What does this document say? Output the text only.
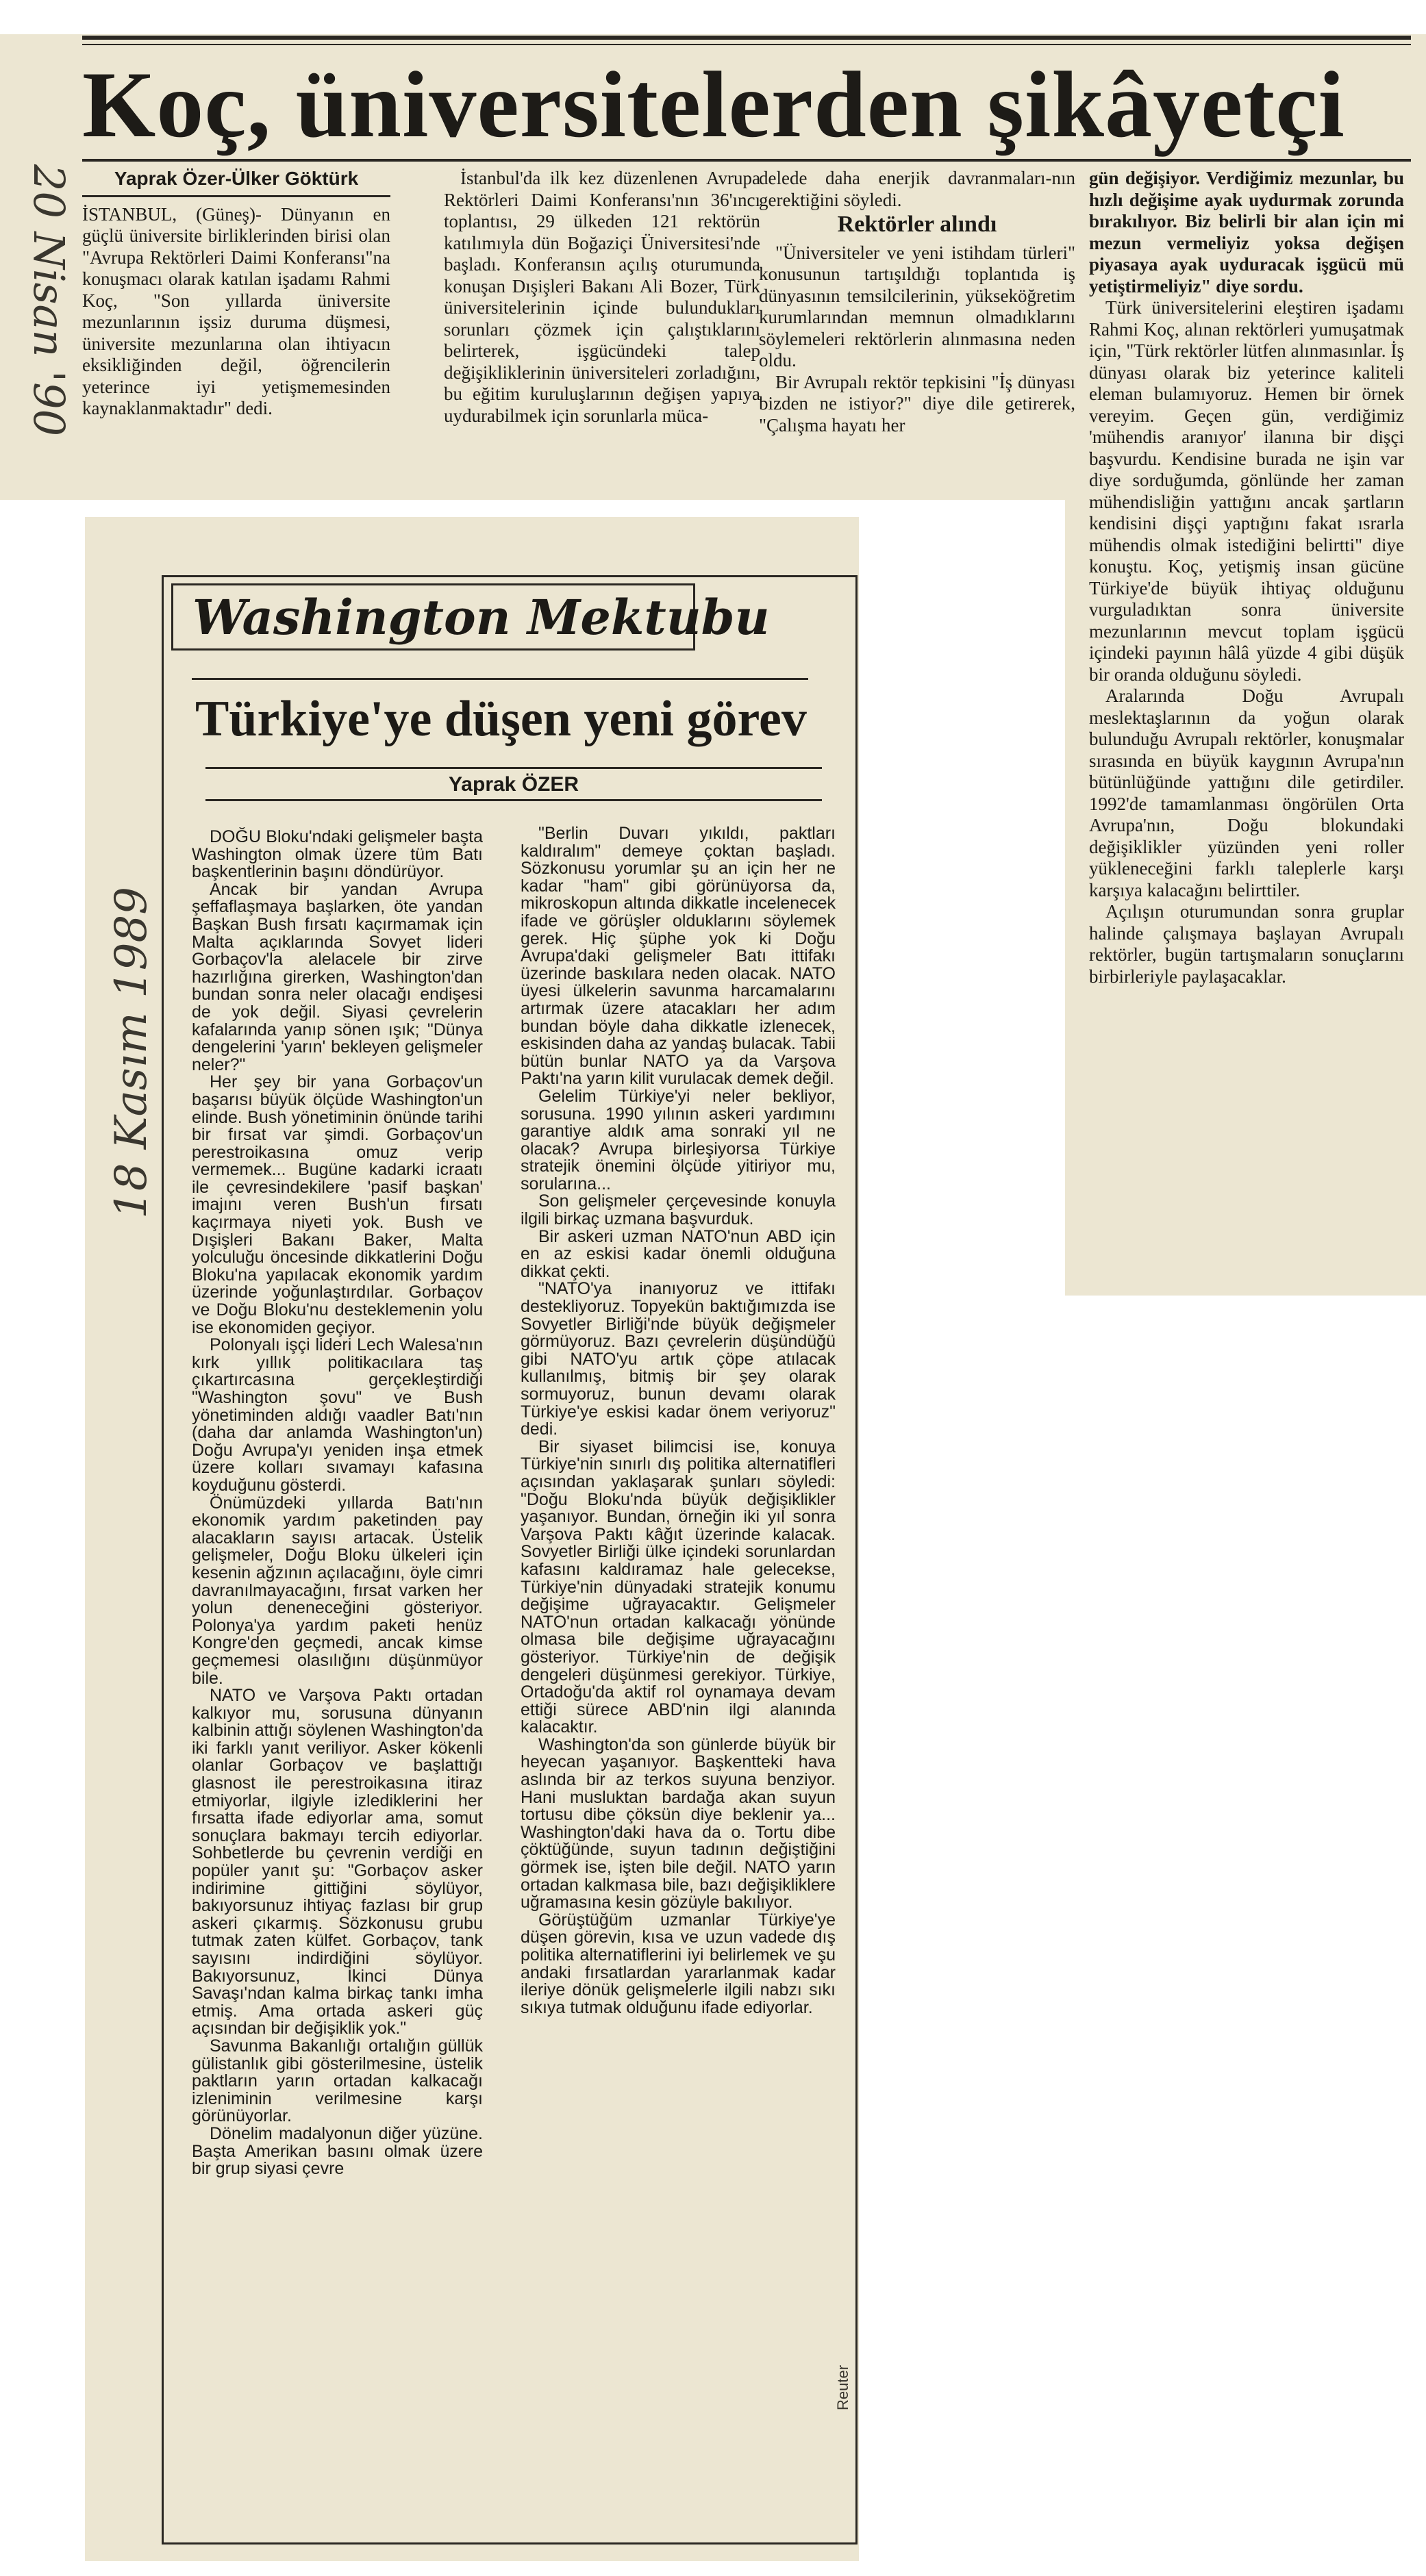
Koç, üniversitelerden şikâyetçi
20 Nisan '90	Yaprak Özer-Ülker Göktürk

İSTANBUL, (Güneş)- Dünyanın en güçlü üniversite birliklerinden birisi olan "Avrupa Rektörleri Daimi Konferansı"na konuşmacı olarak katılan işadamı Rahmi Koç, "Son yıllarda üniversite mezunlarının işsiz duruma düşmesi, üniversite mezunlarına olan ihtiyacın eksikliğinden değil, öğrencilerin yeterince iyi yetişmemesinden kaynaklanmaktadır" dedi.

İstanbul'da ilk kez düzenlenen Avrupa Rektörleri Daimi Konferansı'nın 36'ıncı toplantısı, 29 ülkeden 121 rektörün katılımıyla dün Boğaziçi Üniversitesi'nde başladı. Konferansın açılış oturumunda konuşan Dışişleri Bakanı Ali Bozer, Türk üniversitelerinin içinde bulundukları sorunları çözmek için çalıştıklarını belirterek, işgücündeki talep değişikliklerinin üniversiteleri zorladığını, bu eğitim kuruluşlarının değişen yapıya uydurabilmek için sorunlarla müca-

delede daha enerjik davranmaları-nın gerektiğini söyledi.

Rektörler alındı

"Üniversiteler ve yeni istihdam türleri" konusunun tartışıldığı toplantıda iş dünyasının temsilcilerinin, yükseköğretim kurumlarından memnun olmadıklarını söylemeleri rektörlerin alınmasına neden oldu.

Bir Avrupalı rektör tepkisini "İş dünyası bizden ne istiyor?" diye dile getirerek, "Çalışma hayatı her

gün değişiyor. Verdiğimiz mezunlar, bu hızlı değişime ayak uydurmak zorunda bırakılıyor. Biz belirli bir alan için mi mezun vermeliyiz yoksa değişen piyasaya ayak uyduracak işgücü mü yetiştirmeliyiz" diye sordu.

Türk üniversitelerini eleştiren işadamı Rahmi Koç, alınan rektörleri yumuşatmak için, "Türk rektörler lütfen alınmasınlar. İş dünyası olarak biz yeterince kaliteli eleman bulamıyoruz. Hemen bir örnek vereyim. Geçen gün, verdiğimiz 'mühendis aranıyor' ilanına bir dişçi başvurdu. Kendisine burada ne işin var diye sorduğumda, gönlünde her zaman mühendisliğin yattığını ancak şartların kendisini dişçi yaptığını fakat ısrarla mühendis olmak istediğini belirtti" diye konuştu. Koç, yetişmiş insan gücüne Türkiye'de büyük ihtiyaç olduğunu vurguladıktan sonra üniversite mezunlarının mevcut toplam işgücü içindeki payının hâlâ yüzde 4 gibi düşük bir oranda olduğunu söyledi.

Aralarında Doğu Avrupalı meslektaşlarının da yoğun olarak bulunduğu Avrupalı rektörler, konuşmalar sırasında en büyük kaygının Avrupa'nın bütünlüğünde yattığını dile getirdiler. 1992'de tamamlanması öngörülen Orta Avrupa'nın, Doğu blokundaki değişiklikler yüzünden yeni roller yükleneceğini farklı taleplerle karşı karşıya kalacağını belirttiler.

Açılışın oturumundan sonra gruplar halinde çalışmaya başlayan Avrupalı rektörler, bugün tartışmaların sonuçlarını birbirleriyle paylaşacaklar.

Washington Mektubu
Türkiye'ye düşen yeni görev
Yaprak ÖZER
18 Kasım 1989

DOĞU Bloku'ndaki gelişmeler başta Washington olmak üzere tüm Batı başkentlerinin başını döndürüyor.

Ancak bir yandan Avrupa şeffaflaşmaya başlarken, öte yandan Başkan Bush fırsatı kaçırmamak için Malta açıklarında Sovyet lideri Gorbaçov'la alelacele bir zirve hazırlığına girerken, Washington'dan bundan sonra neler olacağı endişesi de yok değil. Siyasi çevrelerin kafalarında yanıp sönen ışık; "Dünya dengelerini 'yarın' bekleyen gelişmeler neler?"

Her şey bir yana Gorbaçov'un başarısı büyük ölçüde Washington'un elinde. Bush yönetiminin önünde tarihi bir fırsat var şimdi. Gorbaçov'un perestroikasına omuz verip vermemek... Bugüne kadarki icraatı ile çevresindekilere 'pasif başkan' imajını veren Bush'un fırsatı kaçırmaya niyeti yok. Bush ve Dışişleri Bakanı Baker, Malta yolculuğu öncesinde dikkatlerini Doğu Bloku'na yapılacak ekonomik yardım üzerinde yoğunlaştırdılar. Gorbaçov ve Doğu Bloku'nu desteklemenin yolu ise ekonomiden geçiyor.

Polonyalı işçi lideri Lech Walesa'nın kırk yıllık politikacılara taş çıkartırcasına gerçekleştirdiği "Washington şovu" ve Bush yönetiminden aldığı vaadler Batı'nın (daha dar anlamda Washington'un) Doğu Avrupa'yı yeniden inşa etmek üzere kolları sıvamayı kafasına koyduğunu gösterdi.

Önümüzdeki yıllarda Batı'nın ekonomik yardım paketinden pay alacakların sayısı artacak. Üstelik gelişmeler, Doğu Bloku ülkeleri için kesenin ağzının açılacağını, öyle cimri davranılmayacağını, fırsat varken her yolun deneneceğini gösteriyor. Polonya'ya yardım paketi henüz Kongre'den geçmedi, ancak kimse geçmemesi olasılığını düşünmüyor bile.

NATO ve Varşova Paktı ortadan kalkıyor mu, sorusuna dünyanın kalbinin attığı söylenen Washington'da iki farklı yanıt veriliyor. Asker kökenli olanlar Gorbaçov ve başlattığı glasnost ile perestroikasına itiraz etmiyorlar, ilgiyle izlediklerini her fırsatta ifade ediyorlar ama, somut sonuçlara bakmayı tercih ediyorlar. Sohbetlerde bu çevrenin verdiği en popüler yanıt şu: "Gorbaçov asker indirimine gittiğini söylüyor, bakıyorsunuz ihtiyaç fazlası bir grup askeri çıkarmış. Sözkonusu grubu tutmak zaten külfet. Gorbaçov, tank sayısını indirdiğini söylüyor. Bakıyorsunuz, İkinci Dünya Savaşı'ndan kalma birkaç tankı imha etmiş. Ama ortada askeri güç açısından bir değişiklik yok."

Savunma Bakanlığı ortalığın güllük gülistanlık gibi gösterilmesine, üstelik paktların yarın ortadan kalkacağı izleniminin verilmesine karşı görünüyorlar.

Dönelim madalyonun diğer yüzüne. Başta Amerikan basını olmak üzere bir grup siyasi çevre

"Berlin Duvarı yıkıldı, paktları kaldıralım" demeye çoktan başladı. Sözkonusu yorumlar şu an için her ne kadar "ham" gibi görünüyorsa da, mikroskopun altında dikkatle incelenecek ifade ve görüşler olduklarını söylemek gerek. Hiç şüphe yok ki Doğu Avrupa'daki gelişmeler Batı ittifakı üzerinde baskılara neden olacak. NATO üyesi ülkelerin savunma harcamalarını artırmak üzere atacakları her adım bundan böyle daha dikkatle izlenecek, eskisinden daha az yandaş bulacak. Tabii bütün bunlar NATO ya da Varşova Paktı'na yarın kilit vurulacak demek değil.

Gelelim Türkiye'yi neler bekliyor, sorusuna. 1990 yılının askeri yardımını garantiye aldık ama sonraki yıl ne olacak? Avrupa birleşiyorsa Türkiye stratejik önemini ölçüde yitiriyor mu, sorularına...

Son gelişmeler çerçevesinde konuyla ilgili birkaç uzmana başvurduk.

Bir askeri uzman NATO'nun ABD için en az eskisi kadar önemli olduğuna dikkat çekti.

"NATO'ya inanıyoruz ve ittifakı destekliyoruz. Topyekün baktığımızda ise Sovyetler Birliği'nde büyük değişmeler görmüyoruz. Bazı çevrelerin düşündüğü gibi NATO'yu artık çöpe atılacak kullanılmış, bitmiş bir şey olarak sormuyoruz, bunun devamı olarak Türkiye'ye eskisi kadar önem veriyoruz" dedi.

Bir siyaset bilimcisi ise, konuya Türkiye'nin sınırlı dış politika alternatifleri açısından yaklaşarak şunları söyledi: "Doğu Bloku'nda büyük değişiklikler yaşanıyor. Bundan, örneğin iki yıl sonra Varşova Paktı kâğıt üzerinde kalacak. Sovyetler Birliği ülke içindeki sorunlardan kafasını kaldıramaz hale gelecekse, Türkiye'nin dünyadaki stratejik konumu değişime uğrayacaktır. Gelişmeler NATO'nun ortadan kalkacağı yönünde olmasa bile değişime uğrayacağını gösteriyor. Türkiye'nin de değişik dengeleri düşünmesi gerekiyor. Türkiye, Ortadoğu'da aktif rol oynamaya devam ettiği sürece ABD'nin ilgi alanında kalacaktır.

Washington'da son günlerde büyük bir heyecan yaşanıyor. Başkentteki hava aslında bir az terkos suyuna benziyor. Hani musluktan bardağa akan suyun tortusu dibe çöksün diye beklenir ya... Washington'daki hava da o. Tortu dibe çöktüğünde, suyun tadının değiştiğini görmek ise, işten bile değil. NATO yarın ortadan kalkmasa bile, bazı değişikliklere uğramasına kesin gözüyle bakılıyor.

Görüştüğüm uzmanlar Türkiye'ye düşen görevin, kısa ve uzun vadede dış politika alternatiflerini iyi belirlemek ve şu andaki fırsatlardan yararlanmak kadar ileriye dönük gelişmelerle ilgili nabzı sıkı sıkıya tutmak olduğunu ifade ediyorlar.

Reuter
